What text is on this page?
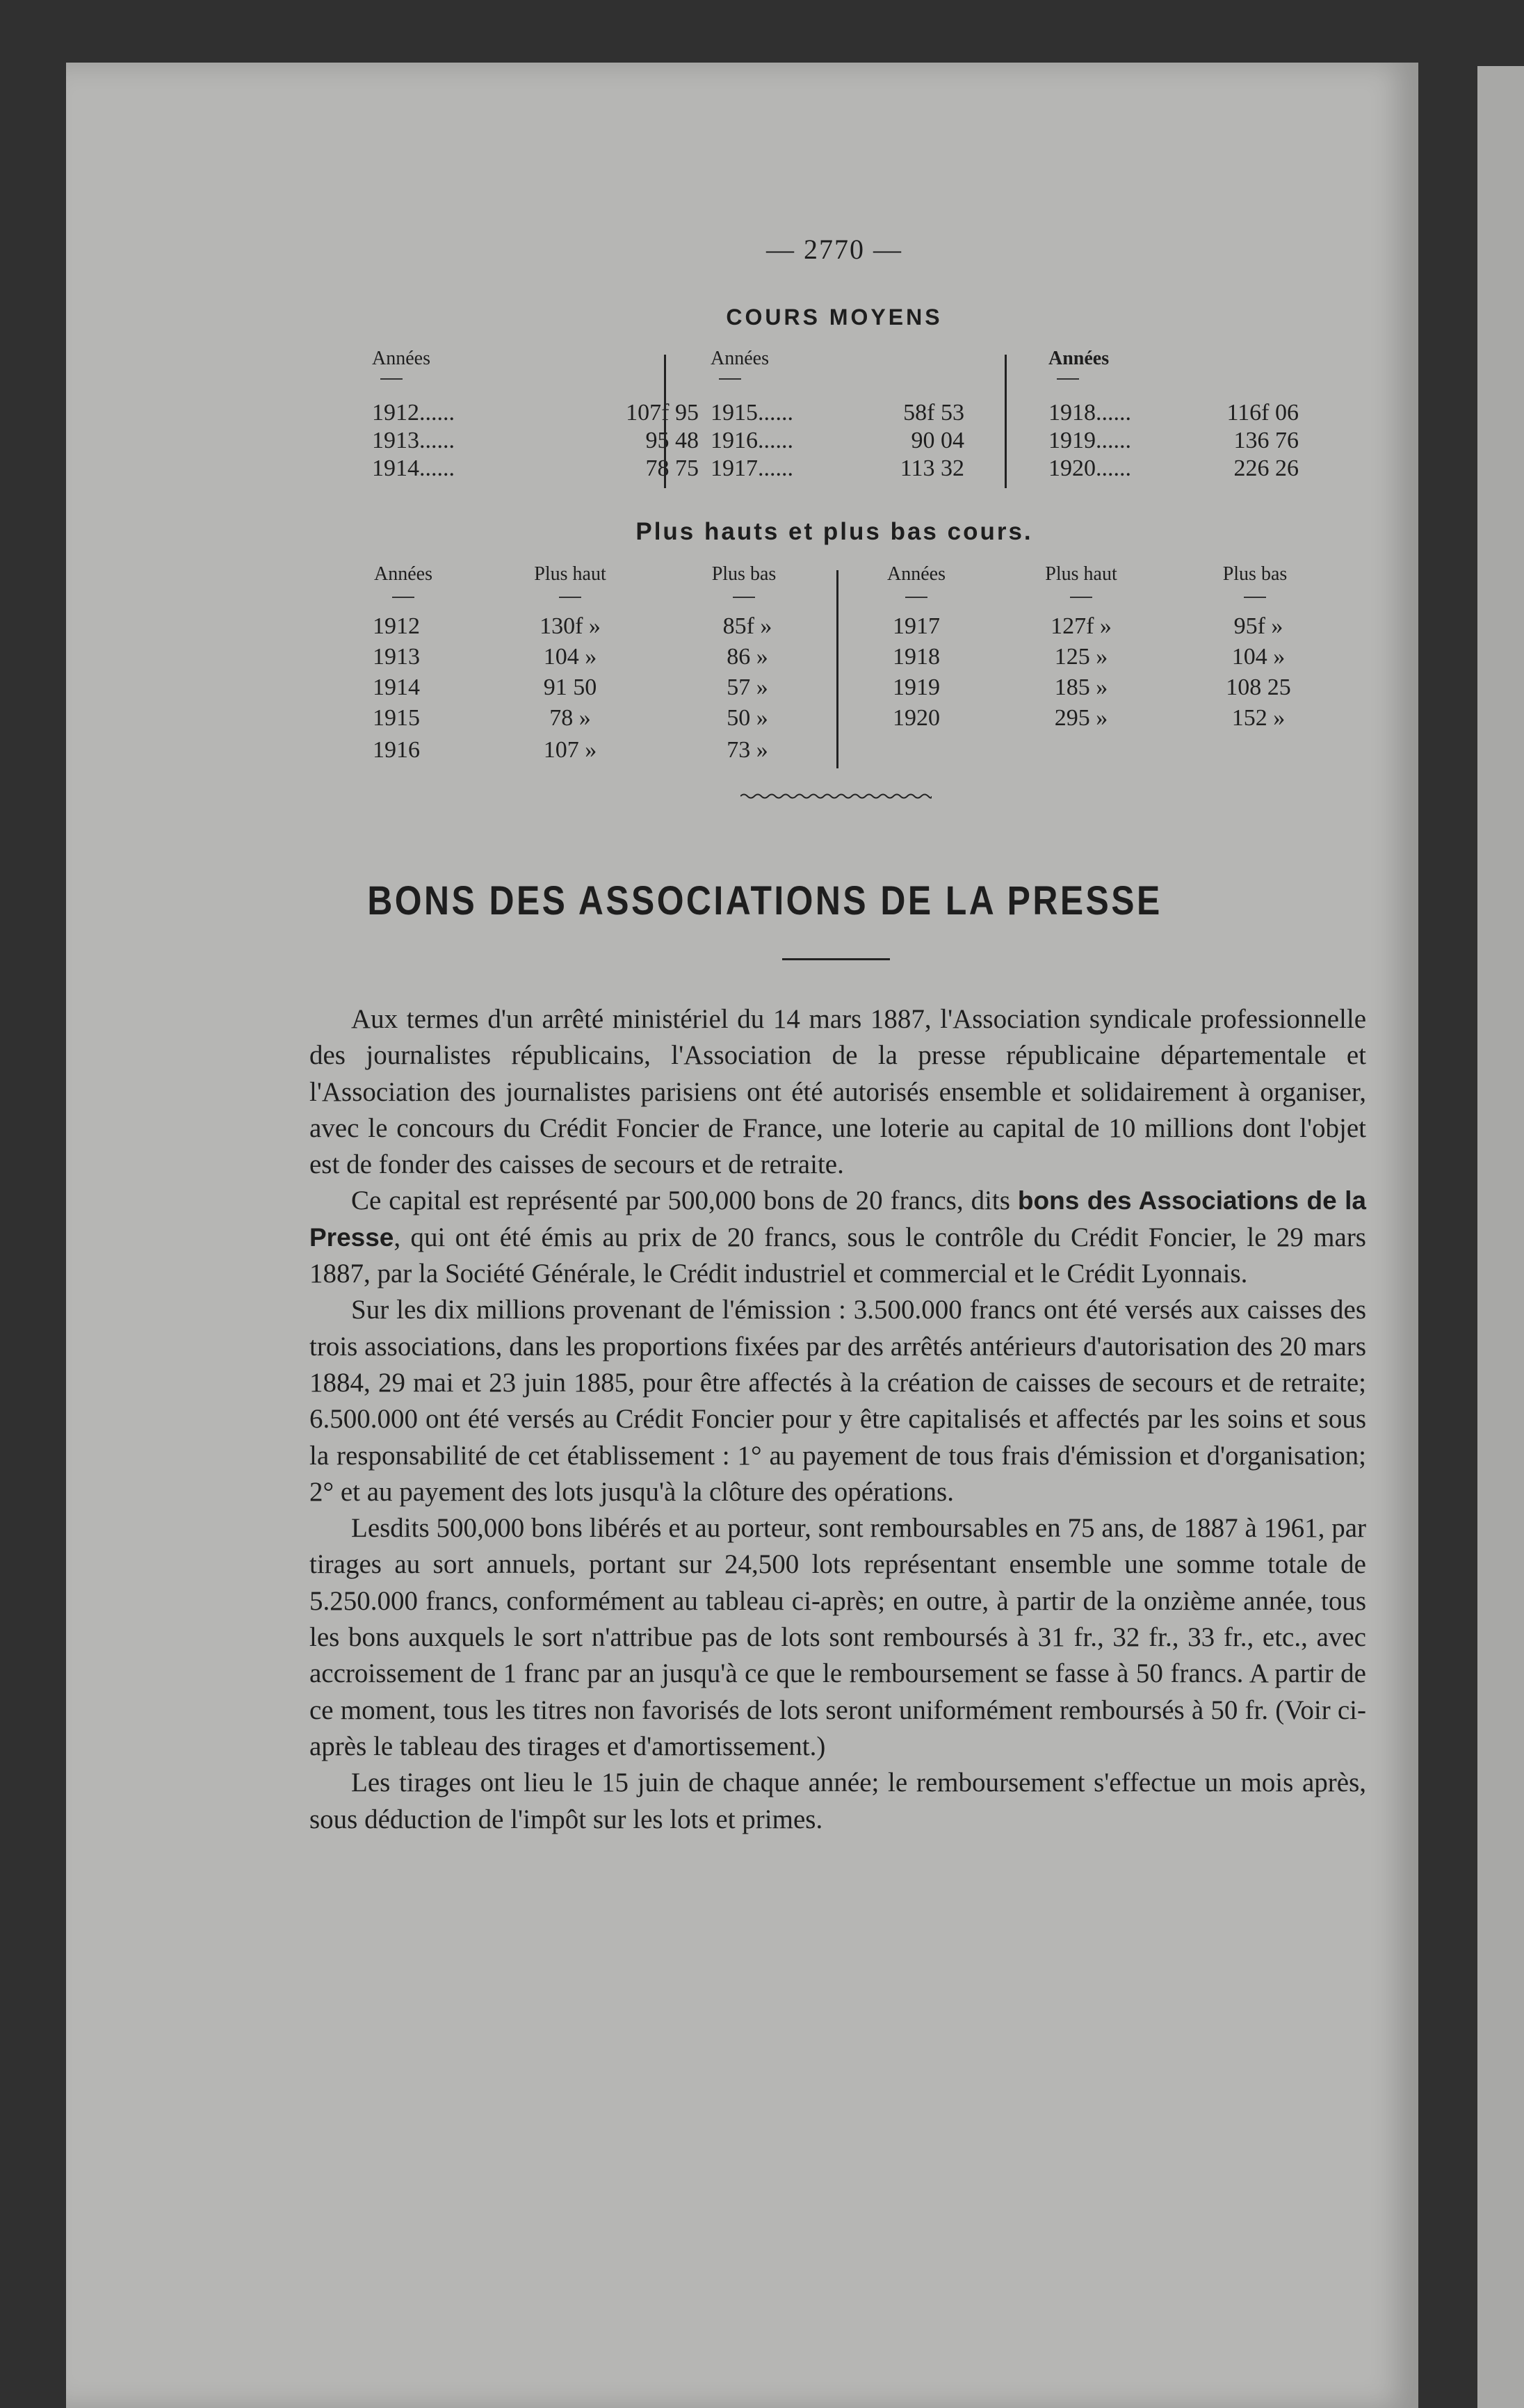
— 2770 —
COURS MOYENS
Années
1912......	107f 95
1913......	95 48
1914......	78 75
Années
1915......	58f 53
1916......	90 04
1917......	113 32
Années
1918......	116f 06
1919......	136 76
1920......	226 26
Plus hauts et plus bas cours.
Années	Plus haut	Plus bas	Années	Plus haut	Plus bas
1912	130f »	85f »
1913	104 »	86 »
1914	91 50	57 »
1915	78 »	50 »
1916	107 »	73 »
1917	127f »	95f »
1918	125 »	104 »
1919	185 »	108 25
1920	295 »	152 »
BONS DES ASSOCIATIONS DE LA PRESSE

Aux termes d'un arrêté ministériel du 14 mars 1887, l'Association syndicale professionnelle des journalistes républicains, l'Association de la presse républicaine départementale et l'Association des journalistes parisiens ont été autorisés ensemble et solidairement à organiser, avec le concours du Crédit Foncier de France, une loterie au capital de 10 millions dont l'objet est de fonder des caisses de secours et de retraite.

Ce capital est représenté par 500,000 bons de 20 francs, dits bons des Associations de la Presse, qui ont été émis au prix de 20 francs, sous le contrôle du Crédit Foncier, le 29 mars 1887, par la Société Générale, le Crédit industriel et commercial et le Crédit Lyonnais.

Sur les dix millions provenant de l'émission : 3.500.000 francs ont été versés aux caisses des trois associations, dans les proportions fixées par des arrêtés antérieurs d'autorisation des 20 mars 1884, 29 mai et 23 juin 1885, pour être affectés à la création de caisses de secours et de retraite; 6.500.000 ont été versés au Crédit Foncier pour y être capitalisés et affectés par les soins et sous la responsabilité de cet établissement : 1° au payement de tous frais d'émission et d'organisation; 2° et au payement des lots jusqu'à la clôture des opérations.

Lesdits 500,000 bons libérés et au porteur, sont remboursables en 75 ans, de 1887 à 1961, par tirages au sort annuels, portant sur 24,500 lots représentant ensemble une somme totale de 5.250.000 francs, conformément au tableau ci-après; en outre, à partir de la onzième année, tous les bons auxquels le sort n'attribue pas de lots sont remboursés à 31 fr., 32 fr., 33 fr., etc., avec accroissement de 1 franc par an jusqu'à ce que le remboursement se fasse à 50 francs. A partir de ce moment, tous les titres non favorisés de lots seront uniformément remboursés à 50 fr. (Voir ci-après le tableau des tirages et d'amortissement.)

Les tirages ont lieu le 15 juin de chaque année; le remboursement s'effectue un mois après, sous déduction de l'impôt sur les lots et primes.
